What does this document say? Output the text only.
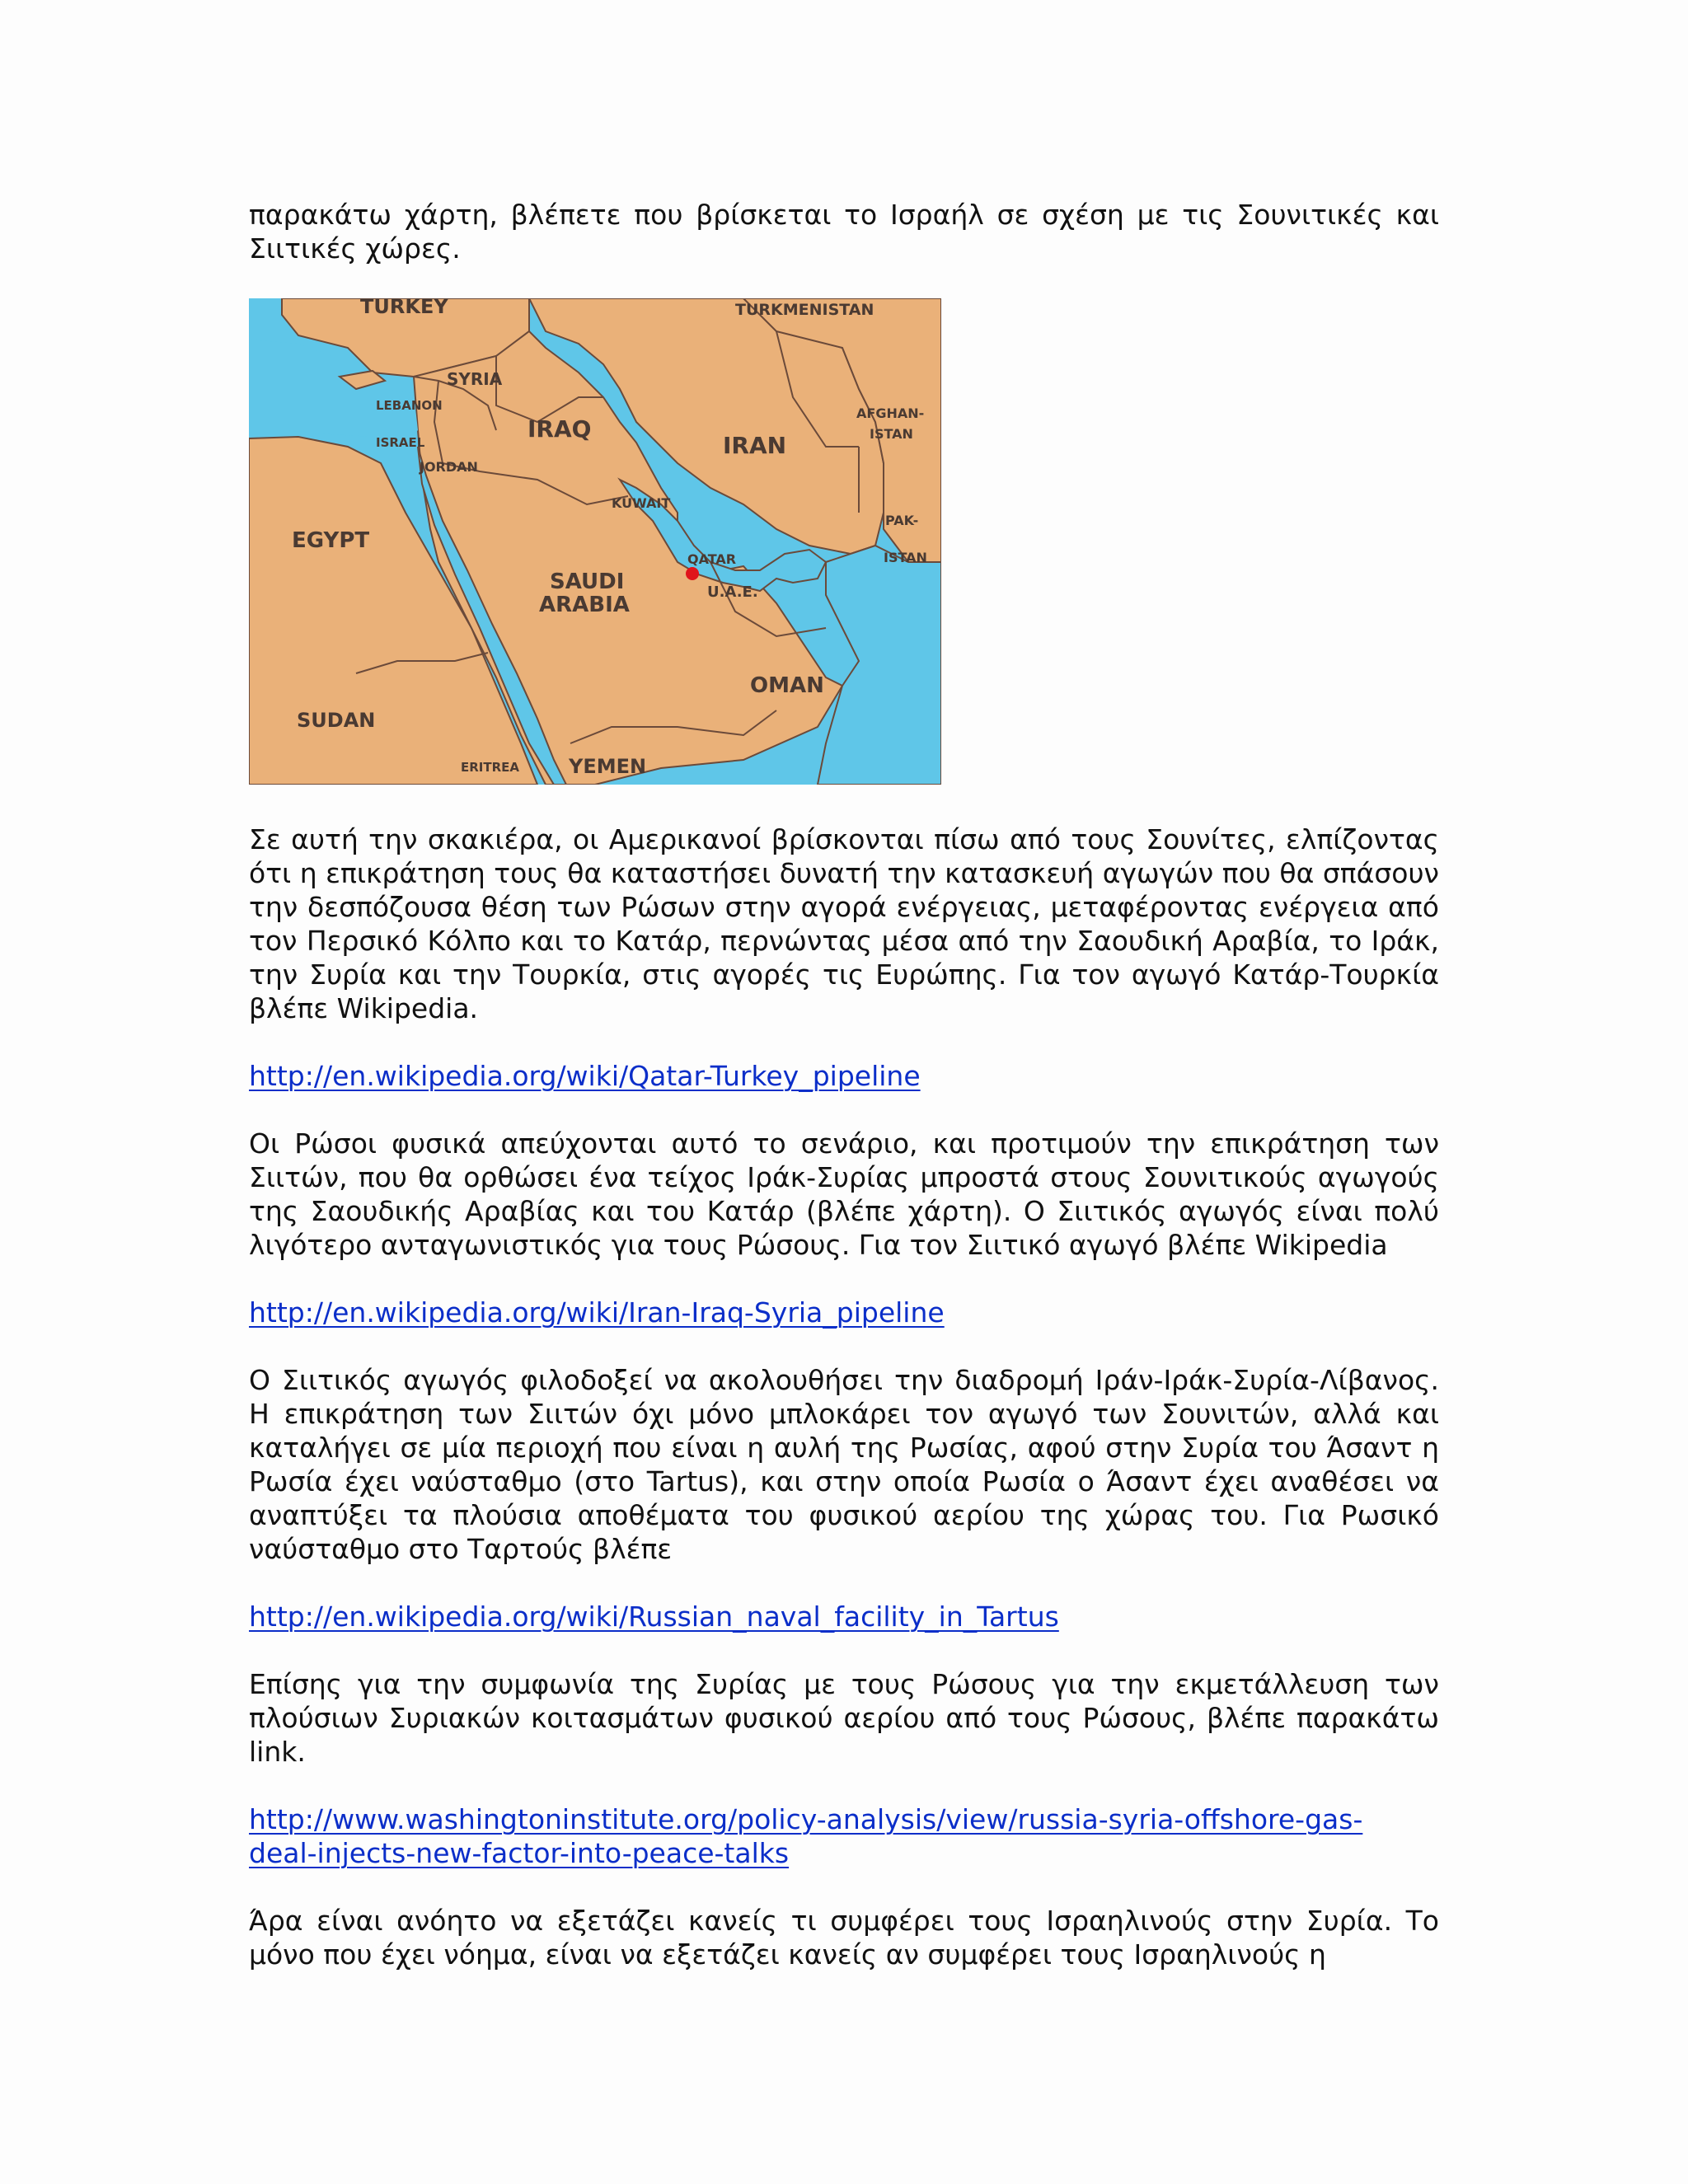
παρακάτω χάρτη, βλέπετε που βρίσκεται το Ισραήλ σε σχέση με τις Σουνιτικές και Σιιτικές χώρες.

TURKEY	TURKMENISTAN
SYRIA
LEBANON
ISRAEL
JORDAN
IRAQ
IRAN
AFGHAN-
ISTAN
EGYPT
KUWAIT
PAK-
ISTAN
QATAR
SAUDI
ARABIA
U.A.E.
OMAN
SUDAN
ERITREA YEMEN

Σε αυτή την σκακιέρα, οι Αμερικανοί βρίσκονται πίσω από τους Σουνίτες, ελπίζοντας ότι η επικράτηση τους θα καταστήσει δυνατή την κατασκευή αγωγών που θα σπάσουν την δεσπόζουσα θέση των Ρώσων στην αγορά ενέργειας, μεταφέροντας ενέργεια από τον Περσικό Κόλπο και το Κατάρ, περνώντας μέσα από την Σαουδική Αραβία, το Ιράκ, την Συρία και την Τουρκία, στις αγορές τις Ευρώπης. Για τον αγωγό Κατάρ-Τουρκία βλέπε Wikipedia.

http://en.wikipedia.org/wiki/Qatar-Turkey_pipeline

Οι Ρώσοι φυσικά απεύχονται αυτό το σενάριο, και προτιμούν την επικράτηση των Σιιτών, που θα ορθώσει ένα τείχος Ιράκ-Συρίας μπροστά στους Σουνιτικούς αγωγούς της Σαουδικής Αραβίας και του Κατάρ (βλέπε χάρτη). Ο Σιιτικός αγωγός είναι πολύ λιγότερο ανταγωνιστικός για τους Ρώσους. Για τον Σιιτικό αγωγό βλέπε Wikipedia

http://en.wikipedia.org/wiki/Iran-Iraq-Syria_pipeline

Ο Σιιτικός αγωγός φιλοδοξεί να ακολουθήσει την διαδρομή Ιράν-Ιράκ-Συρία-Λίβανος. Η επικράτηση των Σιιτών όχι μόνο μπλοκάρει τον αγωγό των Σουνιτών, αλλά και καταλήγει σε μία περιοχή που είναι η αυλή της Ρωσίας, αφού στην Συρία του Άσαντ η Ρωσία έχει ναύσταθμο (στο Tartus), και στην οποία Ρωσία ο Άσαντ έχει αναθέσει να αναπτύξει τα πλούσια αποθέματα του φυσικού αερίου της χώρας του. Για Ρωσικό ναύσταθμο στο Ταρτούς βλέπε

http://en.wikipedia.org/wiki/Russian_naval_facility_in_Tartus

Επίσης για την συμφωνία της Συρίας με τους Ρώσους για την εκμετάλλευση των πλούσιων Συριακών κοιτασμάτων φυσικού αερίου από τους Ρώσους, βλέπε παρακάτω link.

http://www.washingtoninstitute.org/policy-analysis/view/russia-syria-offshore-gas-
deal-injects-new-factor-into-peace-talks

Άρα είναι ανόητο να εξετάζει κανείς τι συμφέρει τους Ισραηλινούς στην Συρία. Το μόνο που έχει νόημα, είναι να εξετάζει κανείς αν συμφέρει τους Ισραηλινούς η
